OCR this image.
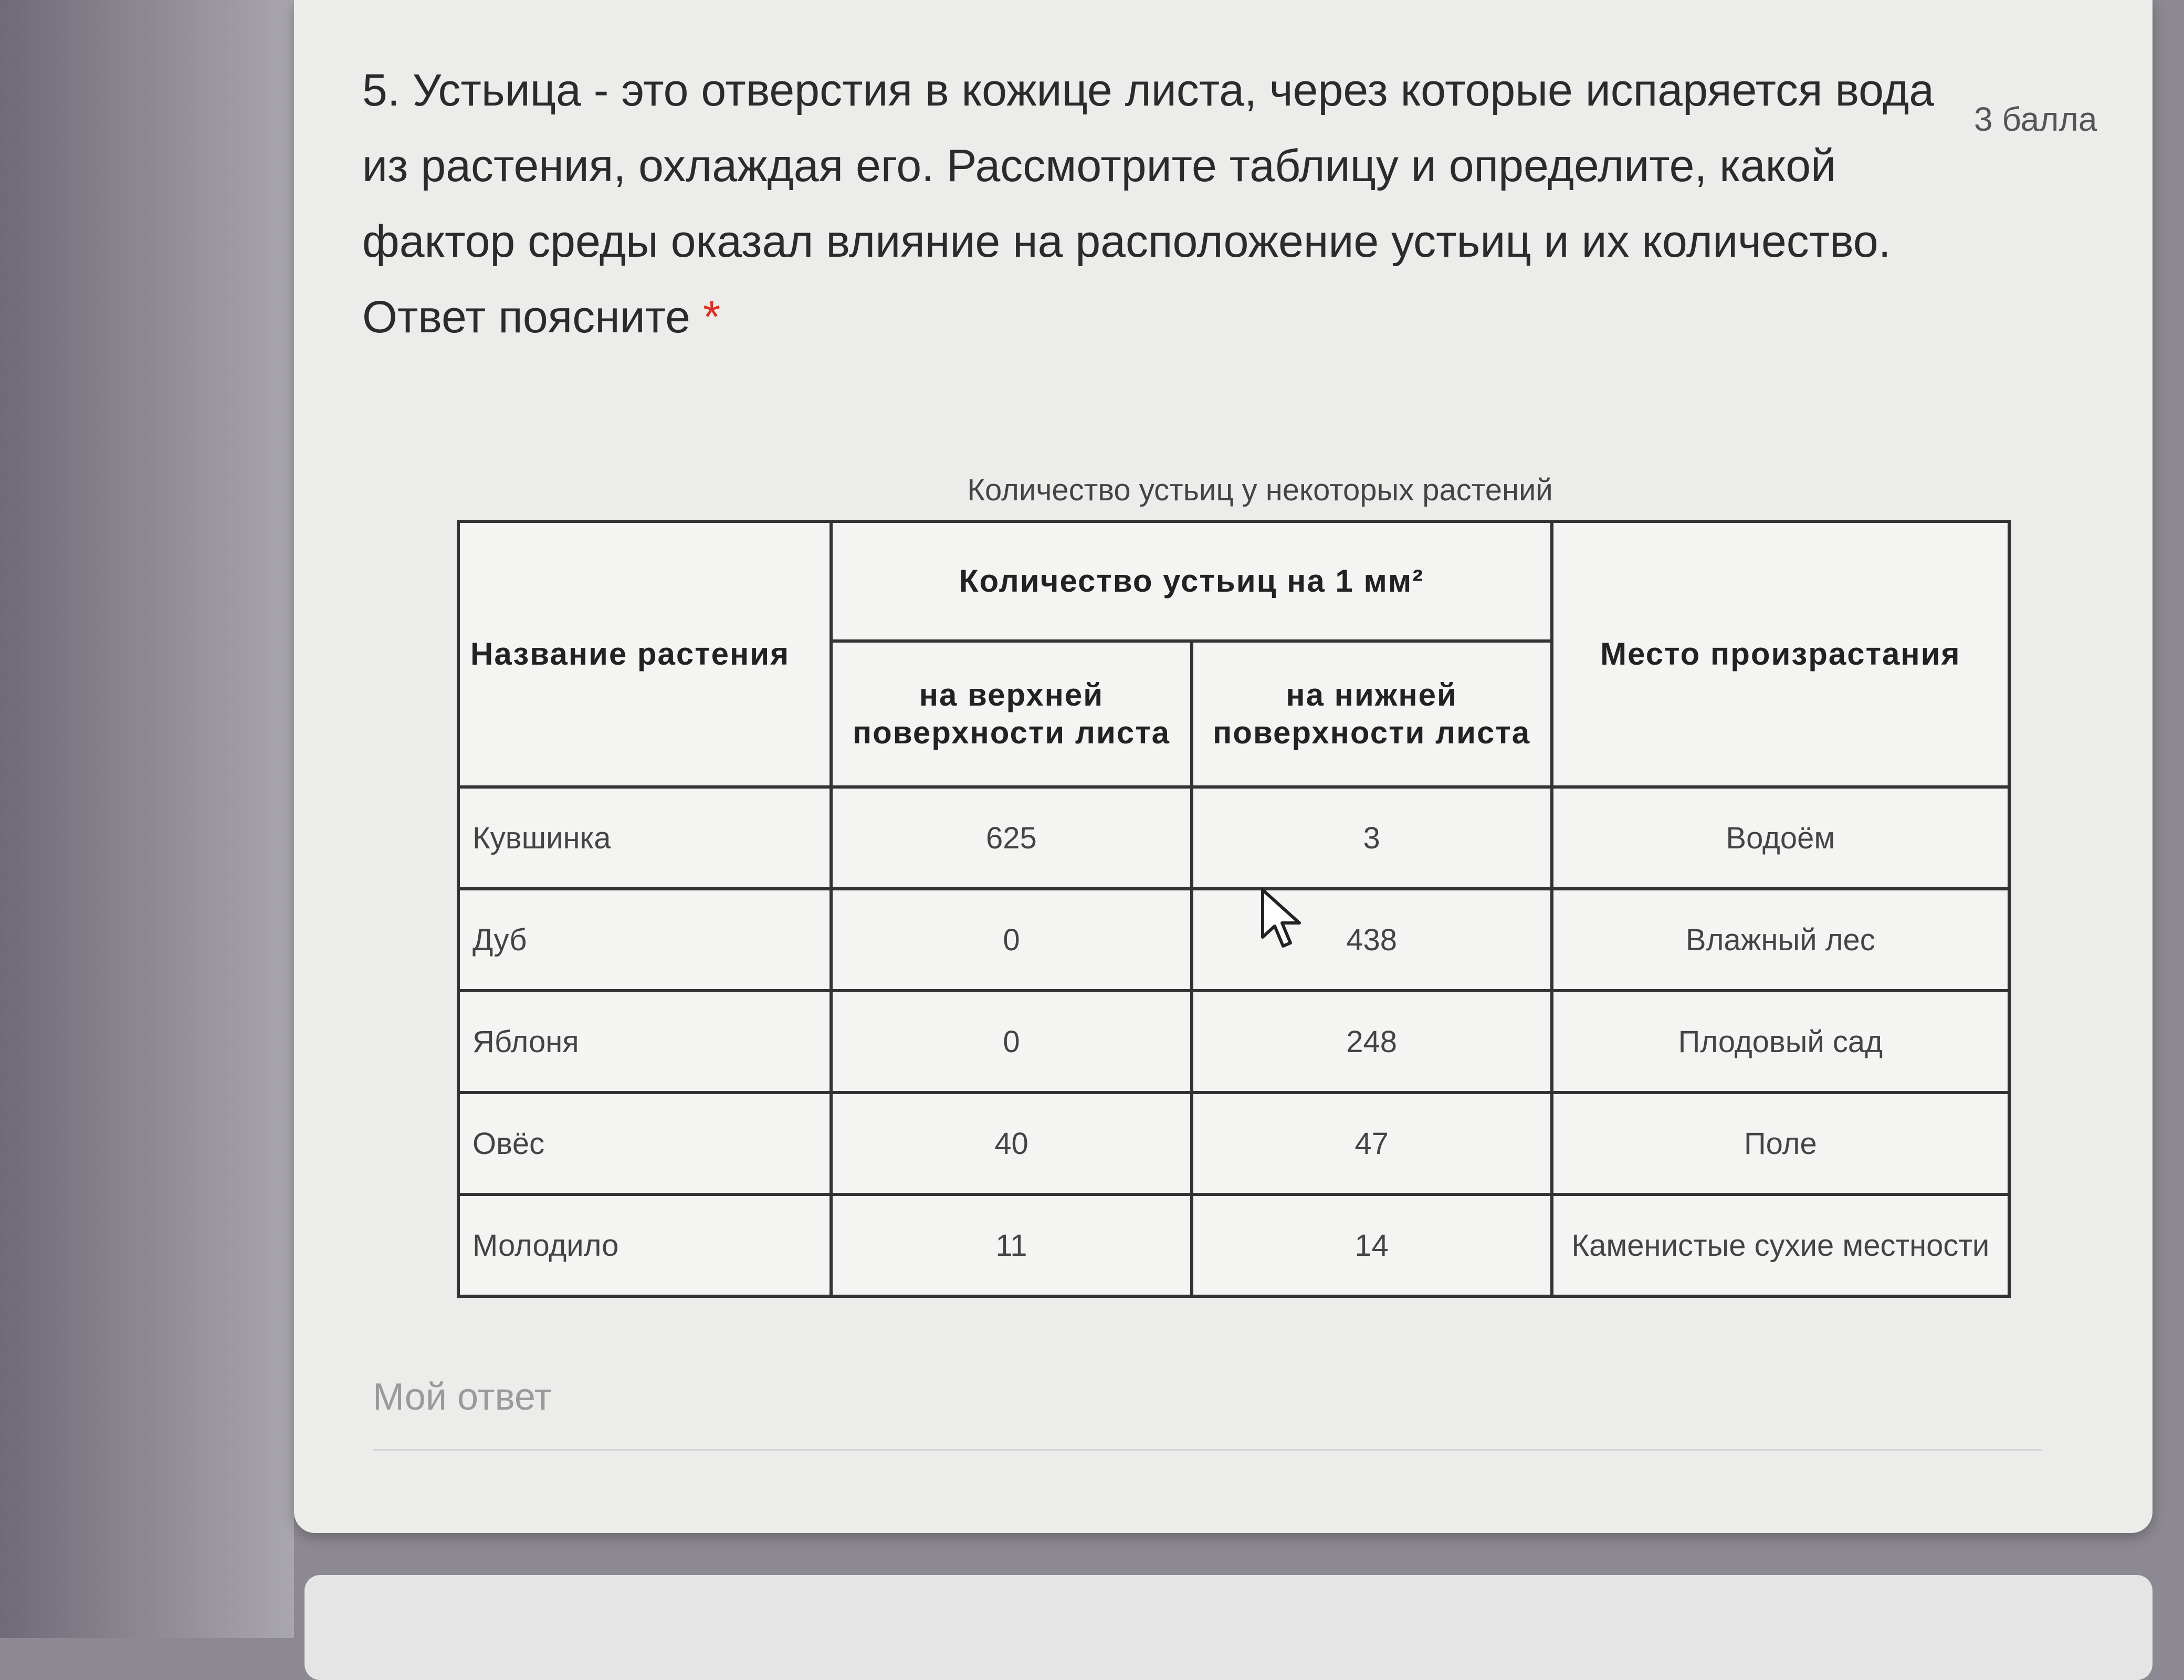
5. Устьица - это отверстия в кожице листа, через которые испаряется вода из растения, охлаждая его. Рассмотрите таблицу и определите, какой фактор среды оказал влияние на расположение устьиц и их количество. Ответ поясните *
3 балла
Количество устьиц у некоторых растений
Название растения	Количество устьиц на 1 мм²		Место произрастания
	на верхней поверхности листа	на нижней поверхности листа	
Кувшинка	625	3	Водоём
Дуб	0	438	Влажный лес
Яблоня	0	248	Плодовый сад
Овёс	40	47	Поле
Молодило	11	14	Каменистые сухие местности
Мой ответ
